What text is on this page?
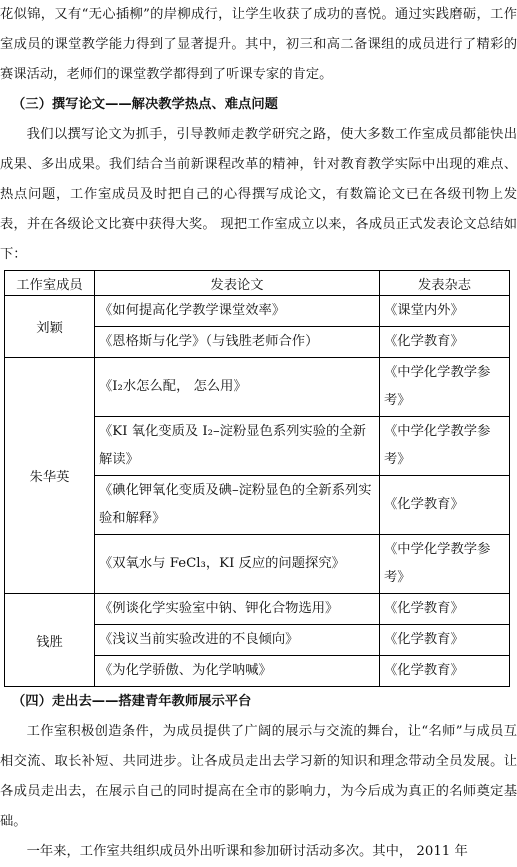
花似锦，又有“无心插柳”的岸柳成行，让学生收获了成功的喜悦。通过实践磨砺，工作室成员的课堂教学能力得到了显著提升。其中，初三和高二备课组的成员进行了精彩的赛课活动，老师们的课堂教学都得到了听课专家的肯定。

（三）撰写论文——解决教学热点、难点问题

我们以撰写论文为抓手，引导教师走教学研究之路，使大多数工作室成员都能快出成果、多出成果。我们结合当前新课程改革的精神，针对教育教学实际中出现的难点、热点问题，工作室成员及时把自己的心得撰写成论文，有数篇论文已在各级刊物上发表，并在各级论文比赛中获得大奖。 现把工作室成立以来，各成员正式发表论文总结如下：

工作室成员	发表论文	发表杂志
刘颖	《如何提高化学教学课堂效率》	《课堂内外》
	《恩格斯与化学》（与钱胜老师合作）	《化学教育》
朱华英	《I₂水怎么配， 怎么用》	《中学化学教学参考》
	《KI 氧化变质及 I₂–淀粉显色系列实验的全新解读》	《中学化学教学参考》
	《碘化钾氧化变质及碘–淀粉显色的全新系列实验和解释》	《化学教育》
	《双氧水与 FeCl₃，KI 反应的问题探究》	《中学化学教学参考》
钱胜	《例谈化学实验室中钠、钾化合物选用》	《化学教育》
	《浅议当前实验改进的不良倾向》	《化学教育》
	《为化学骄傲、为化学呐喊》	《化学教育》

（四）走出去——搭建青年教师展示平台

工作室积极创造条件，为成员提供了广阔的展示与交流的舞台，让“名师”与成员互相交流、取长补短、共同进步。让各成员走出去学习新的知识和理念带动全员发展。让各成员走出去，在展示自己的同时提高在全市的影响力，为今后成为真正的名师奠定基础。

一年来，工作室共组织成员外出听课和参加研讨活动多次。其中， 2011 年
